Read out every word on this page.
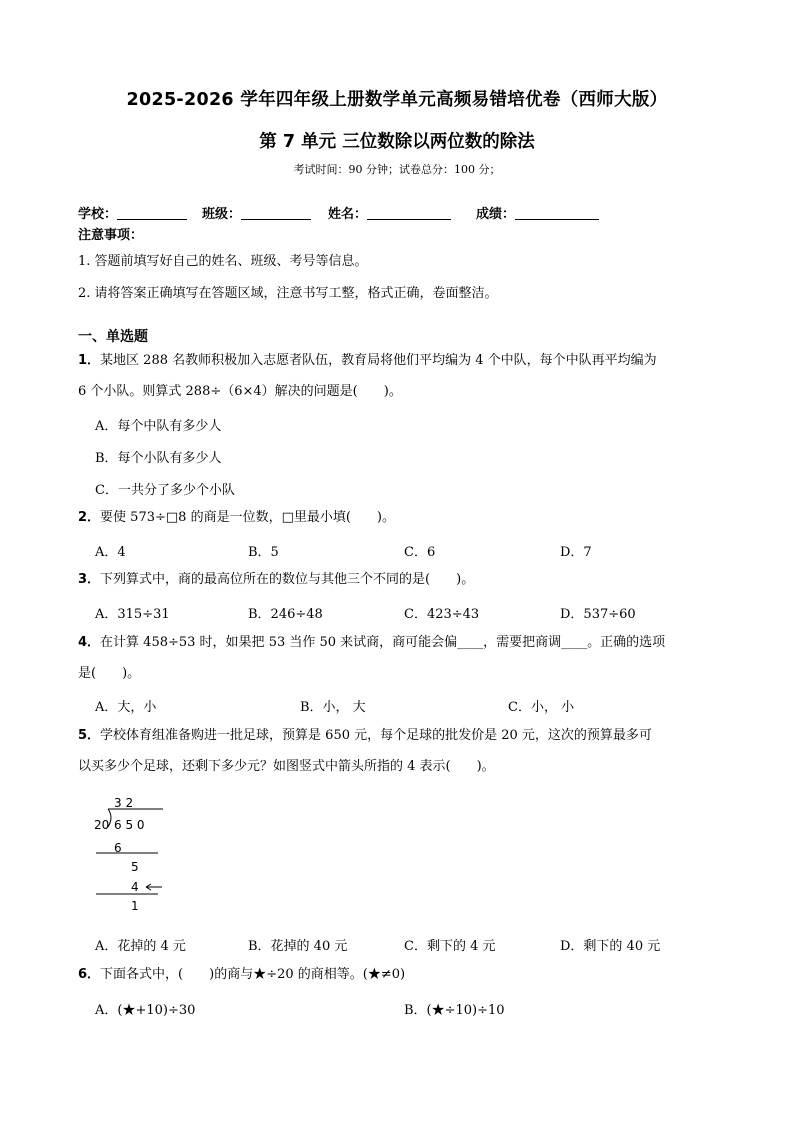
2025-2026 学年四年级上册数学单元高频易错培优卷（西师大版）
第 7 单元 三位数除以两位数的除法
考试时间：90 分钟；试卷总分：100 分；
学校：	班级：	姓名：	成绩：
注意事项：
1. 答题前填写好自己的姓名、班级、考号等信息。
2. 请将答案正确填写在答题区域，注意书写工整，格式正确，卷面整洁。
一、单选题
1．某地区 288 名教师积极加入志愿者队伍，教育局将他们平均编为 4 个中队，每个中队再平均编为
6 个小队。则算式 288÷（6×4）解决的问题是(　　)。
A．每个中队有多少人
B．每个小队有多少人
C．一共分了多少个小队
2．要使 573÷□8 的商是一位数，□里最小填(　　)。
A．4	B．5	C．6	D．7
3．下列算式中，商的最高位所在的数位与其他三个不同的是(　　)。
A．315÷31	B．246÷48	C．423÷43	D．537÷60
4．在计算 458÷53 时，如果把 53 当作 50 来试商，商可能会偏____，需要把商调____。正确的选项
是(　　)。
A．大，小	B．小， 大	C．小， 小
5．学校体育组准备购进一批足球，预算是 650 元，每个足球的批发价是 20 元，这次的预算最多可
以买多少个足球，还剩下多少元？如图竖式中箭头所指的 4 表示(　　)。
3 2
20 6 5 0
6
5
4
1
A．花掉的 4 元	B．花掉的 40 元	C．剩下的 4 元	D．剩下的 40 元
6．下面各式中，(　　)的商与★÷20 的商相等。(★≠0)
A．(★+10)÷30	B．(★÷10)÷10
